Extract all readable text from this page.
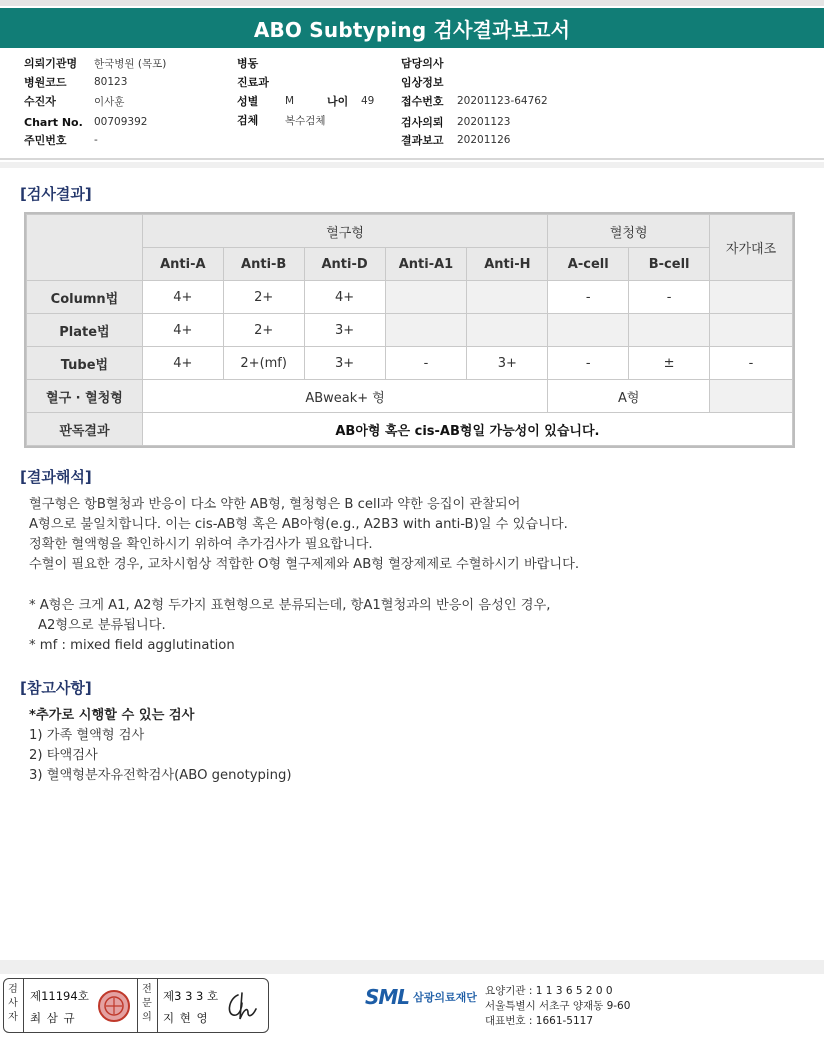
ABO Subtyping 검사결과보고서
의뢰기관명	한국병원 (목포)
병원코드	80123
수진자	이사훈
Chart No.	00709392
주민번호	-
병동
진료과
성별	M	나이	49
검체	복수검체
담당의사
임상정보
접수번호	20201123-64762
검사의뢰	20201123
결과보고	20201126
[검사결과]
	혈구형					혈청형		자가대조
	Anti-A	Anti-B	Anti-D	Anti-A1	Anti-H	A-cell	B-cell	
Column법	4+	2+	4+			-	-	
Plate법	4+	2+	3+					
Tube법	4+	2+(mf)	3+	-	3+	-	±	-
혈구 · 혈청형	ABweak+ 형					A형		
판독결과	AB아형 혹은 cis-AB형일 가능성이 있습니다.							
[결과해석]
혈구형은 항B혈청과 반응이 다소 약한 AB형, 혈청형은 B cell과 약한 응집이 관찰되어
A형으로 불일치합니다. 이는 cis-AB형 혹은 AB아형(e.g., A2B3 with anti-B)일 수 있습니다.
정확한 혈액형을 확인하시기 위하여 추가검사가 필요합니다.
수혈이 필요한 경우, 교차시험상 적합한 O형 혈구제제와 AB형 혈장제제로 수혈하시기 바랍니다.
* A형은 크게 A1, A2형 두가지 표현형으로 분류되는데, 항A1혈청과의 반응이 음성인 경우,
A2형으로 분류됩니다.
* mf : mixed field agglutination
[참고사항]
*추가로 시행할 수 있는 검사
1) 가족 혈액형 검사
2) 타액검사
3) 혈액형분자유전학검사(ABO genotyping)
검사자
제11194호
최 삼 규
전문의
제3 3 3 호
지 현 영
SML 삼광의료재단 요양기관 : 1 1 3 6 5 2 0 0
서울특별시 서초구 양재동 9-60
대표번호 : 1661-5117
